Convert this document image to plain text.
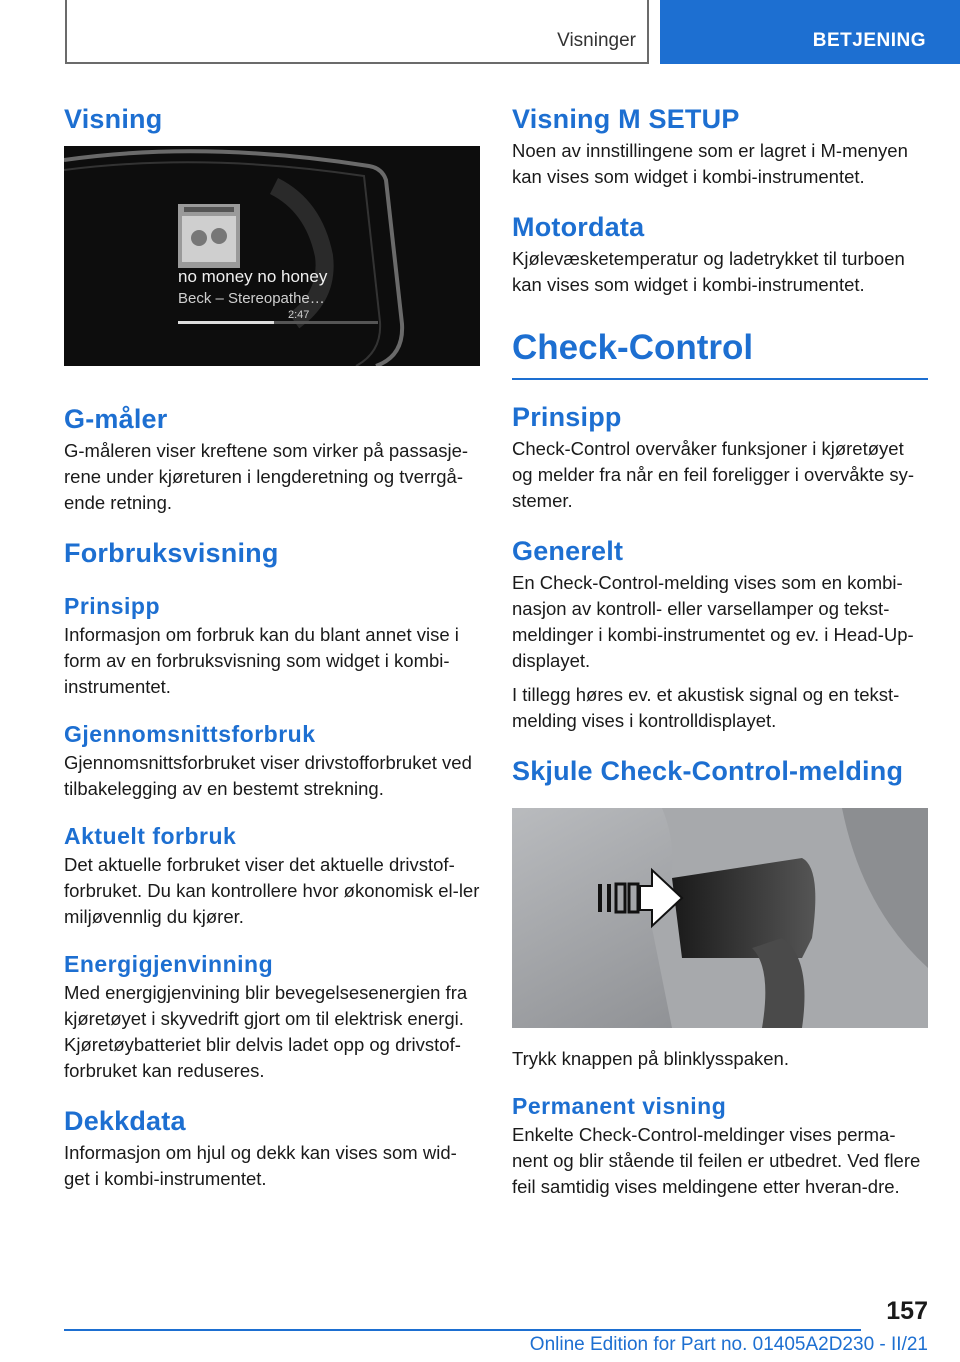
Visninger	BETJENING
Visning
no money no honey
Beck – Stereopathe…
2:47
G-måler

G-måleren viser kreftene som virker på passasje-rene under kjøreturen i lengderetning og tverrgå-ende retning.

Forbruksvisning
Prinsipp

Informasjon om forbruk kan du blant annet vise i form av en forbruksvisning som widget i kombi-instrumentet.

Gjennomsnittsforbruk

Gjennomsnittsforbruket viser drivstofforbruket ved tilbakelegging av en bestemt strekning.

Aktuelt forbruk

Det aktuelle forbruket viser det aktuelle drivstof-forbruket. Du kan kontrollere hvor økonomisk el-ler miljøvennlig du kjører.

Energigjenvinning

Med energigjenvining blir bevegelsesenergien fra kjøretøyet i skyvedrift gjort om til elektrisk energi. Kjøretøybatteriet blir delvis ladet opp og drivstof-forbruket kan reduseres.

Dekkdata

Informasjon om hjul og dekk kan vises som wid-get i kombi-instrumentet.

Visning M SETUP

Noen av innstillingene som er lagret i M-menyen kan vises som widget i kombi-instrumentet.

Motordata

Kjølevæsketemperatur og ladetrykket til turboen kan vises som widget i kombi-instrumentet.

Check-Control
Prinsipp

Check-Control overvåker funksjoner i kjøretøyet og melder fra når en feil foreligger i overvåkte sy-stemer.

Generelt

En Check-Control-melding vises som en kombi-nasjon av kontroll- eller varsellamper og tekst-meldinger i kombi-instrumentet og ev. i Head-Up-displayet.

I tillegg høres ev. et akustisk signal og en tekst-melding vises i kontrolldisplayet.

Skjule Check-Control-melding

Trykk knappen på blinklysspaken.

Permanent visning

Enkelte Check-Control-meldinger vises perma-nent og blir stående til feilen er utbedret. Ved flere feil samtidig vises meldingene etter hveran-dre.

157
Online Edition for Part no. 01405A2D230 - II/21
